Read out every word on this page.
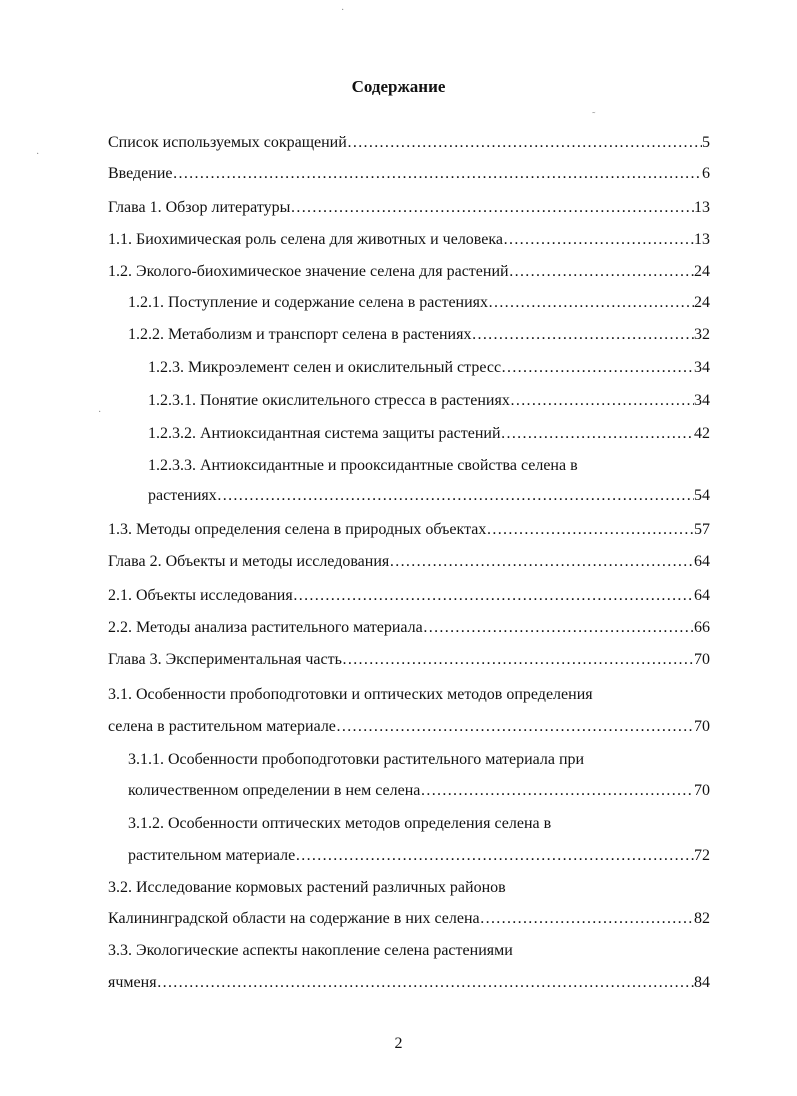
Содержание
Список используемых сокращений …………………………………………………………………………………………………………………………………………………………………………………………………………	5
Введение …………………………………………………………………………………………………………………………………………………………………………………………………………	6
Глава 1. Обзор литературы …………………………………………………………………………………………………………………………………………………………………………………………………………	13
1.1. Биохимическая роль селена для животных и человека …………………………………………………………………………………………………………………………………………………………………………………………………………	13
1.2. Эколого-биохимическое значение селена для растений …………………………………………………………………………………………………………………………………………………………………………………………………………	24
1.2.1. Поступление и содержание селена в растениях …………………………………………………………………………………………………………………………………………………………………………………………………………	24
1.2.2. Метаболизм и транспорт селена в растениях …………………………………………………………………………………………………………………………………………………………………………………………………………	32
1.2.3. Микроэлемент селен и окислительный стресс …………………………………………………………………………………………………………………………………………………………………………………………………………	34
1.2.3.1. Понятие окислительного стресса в растениях …………………………………………………………………………………………………………………………………………………………………………………………………………	34
1.2.3.2. Антиоксидантная система защиты растений …………………………………………………………………………………………………………………………………………………………………………………………………………	42
1.2.3.3. Антиоксидантные и прооксидантные свойства селена в
растениях …………………………………………………………………………………………………………………………………………………………………………………………………………	54
1.3. Методы определения селена в природных объектах …………………………………………………………………………………………………………………………………………………………………………………………………………	57
Глава 2. Объекты и методы исследования …………………………………………………………………………………………………………………………………………………………………………………………………………	64
2.1. Объекты исследования …………………………………………………………………………………………………………………………………………………………………………………………………………	64
2.2. Методы анализа растительного материала …………………………………………………………………………………………………………………………………………………………………………………………………………	66
Глава 3. Экспериментальная часть …………………………………………………………………………………………………………………………………………………………………………………………………………	70
3.1. Особенности пробоподготовки и оптических методов определения
селена в растительном материале …………………………………………………………………………………………………………………………………………………………………………………………………………	70
3.1.1. Особенности пробоподготовки растительного материала при
количественном определении в нем селена …………………………………………………………………………………………………………………………………………………………………………………………………………	70
3.1.2. Особенности оптических методов определения селена в
растительном материале …………………………………………………………………………………………………………………………………………………………………………………………………………	72
3.2. Исследование кормовых растений различных районов
Калининградской области на содержание в них селена …………………………………………………………………………………………………………………………………………………………………………………………………………	82
3.3. Экологические аспекты накопление селена растениями
ячменя …………………………………………………………………………………………………………………………………………………………………………………………………………	84
2
·
˜
·
·
